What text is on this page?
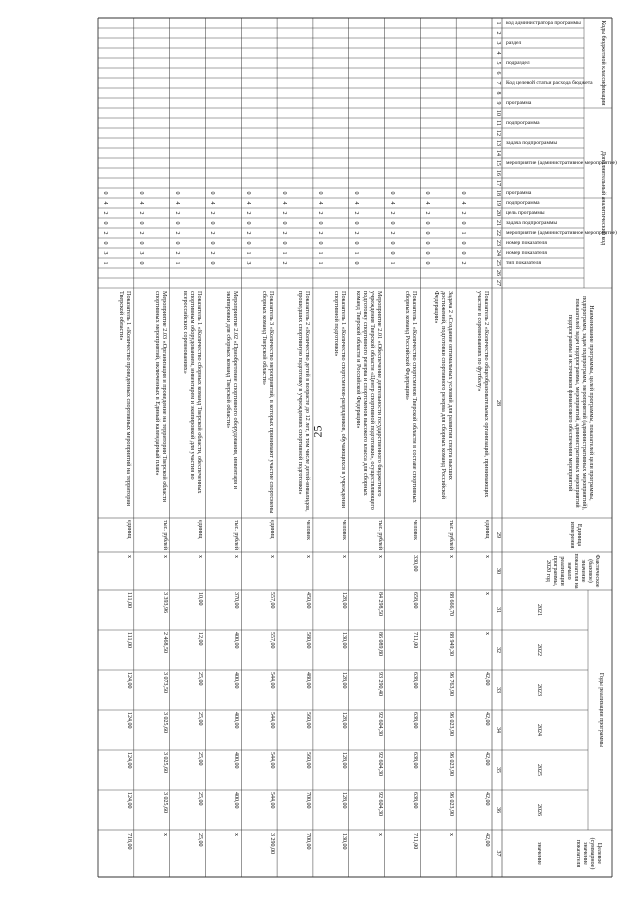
25
Коды бюджетной классификации
Дополнительный аналитический код
код администратора программы
раздел
подраздел
Код целевой статьи расхода бюджета
программа
подпрограмма
задача подпрограммы
мероприятие (административное мероприятие)
программа
подпрограмма
цель программы
задача подпрограммы
мероприятие (административное мероприятие)
номер показателя
номер показателя
тип показателя
Наименование программы, целей программы, показателей цели программы, подпрограмм, задач подпрограмм, мероприятий (административных мероприятий), показателей задач подпрограммы, мероприятий, административных мероприятий подпрограммы и источников финансового обеспечения мероприятий
Единица измерения
Фактическое (базовое) значение показателя на начало реализации программы, 2020 год
Годы реализации программы
2021
2022
2023
2024
2025
2026
Целевое (суммарное) значение показателя
значение
1
2
3
4
5
6
7
8
9
10
11
12
13
14
15
16
17
18
19
20
21
22
23
24
25
26
27
28
29
30
31
32
33
34
35
36
37
0
4
2
0
1
0
0
2
Показатель 2 «Количество общеобразовательных организаций, принимающих участие в соревнованиях по футболу»
единиц
х
х
х
42,00
42,00
42,00
42,00
42,00
0
4
2
0
0
0
0
0
Задача 2 «Создание оптимальных условий для развития спорта высших достижений, подготовки спортивного резерва для сборных команд Российской Федерации»
тыс. рублей
х
88 666,70
88 949,30
96 763,90
96 023,90
96 023,90
96 023,90
х
0
4
2
0
2
0
0
1
Показатель 1 «Количество спортсменов Тверской области в составе спортивных сборных команд Российской Федерации»
человек
330,00
658,00
711,00
638,00
638,00
638,00
638,00
711,00
0
4
2
0
2
0
1
0
Мероприятие 2.01 «Обеспечение деятельности государственного бюджетного учреждения Тверской области «Центр спортивной подготовки», осуществляющего подготовку спортивного резерва и спортсменов высокого класса для сборных команд Тверской области и Российской Федерации»
тыс. рублей
х
84 298,50
86 089,80
93 290,40
92 604,30
92 604,30
92 604,30
х
0
4
2
0
2
0
1
1
Показатель 1 «Количество спортсменов-разрядников, обучающихся в учреждении спортивной подготовки»
человек
х
128,00
130,00
128,00
128,00
128,00
128,00
130,00
0
4
2
0
2
0
1
2
Показатель 2 «Количество детей в возрасте до 12 лет, в том числе детей-инвалидов, прошедших спортивную подготовку в учреждениях спортивной подготовки»
человек
х
450,00
580,00
480,00
560,00
560,00
700,00
700,00
0
4
2
0
2
0
1
3
Показатель 3 «Количество мероприятий, в которых принимают участие спортсмены сборных команд Тверской области»
единиц
х
557,00
557,00
544,00
544,00
544,00
544,00
3 290,00
0
4
2
0
2
0
2
0
Мероприятие 2.02 «Приобретение спортивного оборудования, инвентаря и экипировки для сборных команд Тверской области»
тыс. рублей
х
370,00
400,00
400,00
400,00
400,00
400,00
х
0
4
2
0
2
0
2
1
Показатель 1 «Количество сборных команд Тверской области, обеспеченных спортивным оборудованием, инвентарем и экипировкой для участия во всероссийских соревнованиях»
единиц
х
10,00
12,00
25,00
25,00
25,00
25,00
25,00
0
4
2
0
2
0
3
0
Мероприятие 2.03 «Организация и проведение на территории Тверской области спортивных мероприятий, включенных в Единый календарный план»
тыс. рублей
х
3 393,96
2 468,50
3 073,50
3 025,60
3 025,60
3 025,60
х
0
4
2
0
2
0
3
1
Показатель 1 «Количество проведенных спортивных мероприятий на территории Тверской области»
единиц
х
111,00
111,00
124,00
124,00
124,00
124,00
718,00
